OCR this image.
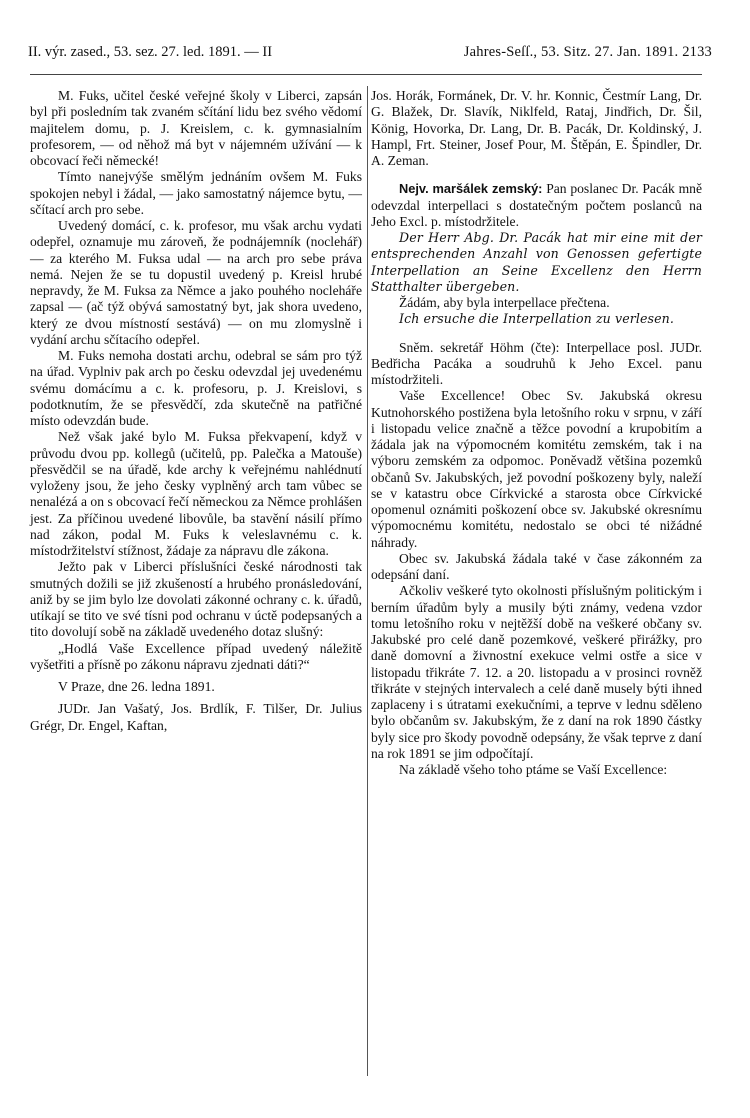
II. výr. zased., 53. sez. 27. led. 1891. — II	Jahres-Seſſ., 53. Sitz. 27. Jan. 1891. 2133

M. Fuks, učitel české veřejné školy v Liberci, zapsán byl při posledním tak zvaném sčítání lidu bez svého vědomí majitelem domu, p. J. Kreislem, c. k. gymnasialním profesorem, — od něhož má byt v nájemném užívání — k obcovací řeči německé!

Tímto nanejvýše smělým jednáním ovšem M. Fuks spokojen nebyl i žádal, — jako samostatný nájemce bytu, — sčítací arch pro sebe.

Uvedený domácí, c. k. profesor, mu však archu vydati odepřel, oznamuje mu zároveň, že podnájemník (noclehář) — za kterého M. Fuksa udal — na arch pro sebe práva nemá. Nejen že se tu dopustil uvedený p. Kreisl hrubé nepravdy, že M. Fuksa za Němce a jako pouhého nocleháře zapsal — (ač týž obývá samostatný byt, jak shora uvedeno, který ze dvou místností sestává) — on mu zlomyslně i vydání archu sčítacího odepřel.

M. Fuks nemoha dostati archu, odebral se sám pro týž na úřad. Vyplniv pak arch po česku odevzdal jej uvedenému svému domácímu a c. k. profesoru, p. J. Kreislovi, s podotknutím, že se přesvědčí, zda skutečně na patřičné místo odevzdán bude.

Než však jaké bylo M. Fuksa překvapení, když v průvodu dvou pp. kollegů (učitelů, pp. Palečka a Matouše) přesvědčil se na úřadě, kde archy k veřejnému nahlédnutí vyloženy jsou, že jeho česky vyplněný arch tam vůbec se nenalézá a on s obcovací řečí německou za Němce prohlášen jest. Za příčinou uvedené libovůle, ba stavění násilí přímo nad zákon, podal M. Fuks k veleslavnému c. k. místodržitelství stížnost, žádaje za nápravu dle zákona.

Ježto pak v Liberci příslušníci české národnosti tak smutných dožili se již zkušeností a hrubého pronásledování, aniž by se jim bylo lze dovolati zákonné ochrany c. k. úřadů, utíkají se tito ve své tísni pod ochranu v úctě podepsaných a tito dovolují sobě na základě uvedeného dotaz slušný:

„Hodlá Vaše Excellence případ uvedený náležitě vyšetřiti a přísně po zákonu nápravu zjednati dáti?“

V Praze, dne 26. ledna 1891.

JUDr. Jan Vašatý, Jos. Brdlík, F. Tilšer, Dr. Julius Grégr, Dr. Engel, Kaftan,

Jos. Horák, Formánek, Dr. V. hr. Konnic, Čestmír Lang, Dr. G. Blažek, Dr. Slavík, Niklfeld, Rataj, Jindřich, Dr. Šil, König, Hovorka, Dr. Lang, Dr. B. Pacák, Dr. Koldinský, J. Hampl, Frt. Steiner, Josef Pour, M. Štěpán, E. Špindler, Dr. A. Zeman.

Nejv. maršálek zemský: Pan poslanec Dr. Pacák mně odevzdal interpellaci s dostatečným počtem poslanců na Jeho Excl. p. místodržitele.

Der Herr Abg. Dr. Pacák hat mir eine mit der entsprechenden Anzahl von Genossen gefertigte Interpellation an Seine Excellenz den Herrn Statthalter übergeben.

Žádám, aby byla interpellace přečtena.

Ich ersuche die Interpellation zu verlesen.

Sněm. sekretář Höhm (čte): Interpellace posl. JUDr. Bedřicha Pacáka a soudruhů k Jeho Excel. panu místodržiteli.

Vaše Excellence! Obec Sv. Jakubská okresu Kutnohorského postižena byla letošního roku v srpnu, v září i listopadu velice značně a těžce povodní a krupobitím a žádala jak na výpomocném komitétu zemském, tak i na výboru zemském za odpomoc. Poněvadž většina pozemků občanů Sv. Jakubských, jež povodní poškozeny byly, naleží se v katastru obce Církvické a starosta obce Církvické opomenul oznámiti poškození obce sv. Jakubské okresnímu výpomocnému komitétu, nedostalo se obci té nižádné náhrady.

Obec sv. Jakubská žádala také v čase zákonném za odepsání daní.

Ačkoliv veškeré tyto okolnosti příslušným politickým i berním úřadům byly a musily býti známy, vedena vzdor tomu letošního roku v nejtěžší době na veškeré občany sv. Jakubské pro celé daně pozemkové, veškeré přirážky, pro daně domovní a živnostní exekuce velmi ostře a sice v listopadu třikráte 7. 12. a 20. listopadu a v prosinci rovněž třikráte v stejných intervalech a celé daně musely býti ihned zaplaceny i s útratami exekučními, a teprve v lednu sděleno bylo občanům sv. Jakubským, že z daní na rok 1890 částky byly sice pro škody povodně odepsány, že však teprve z daní na rok 1891 se jim odpočítají.

Na základě všeho toho ptáme se Vaší Excellence:
